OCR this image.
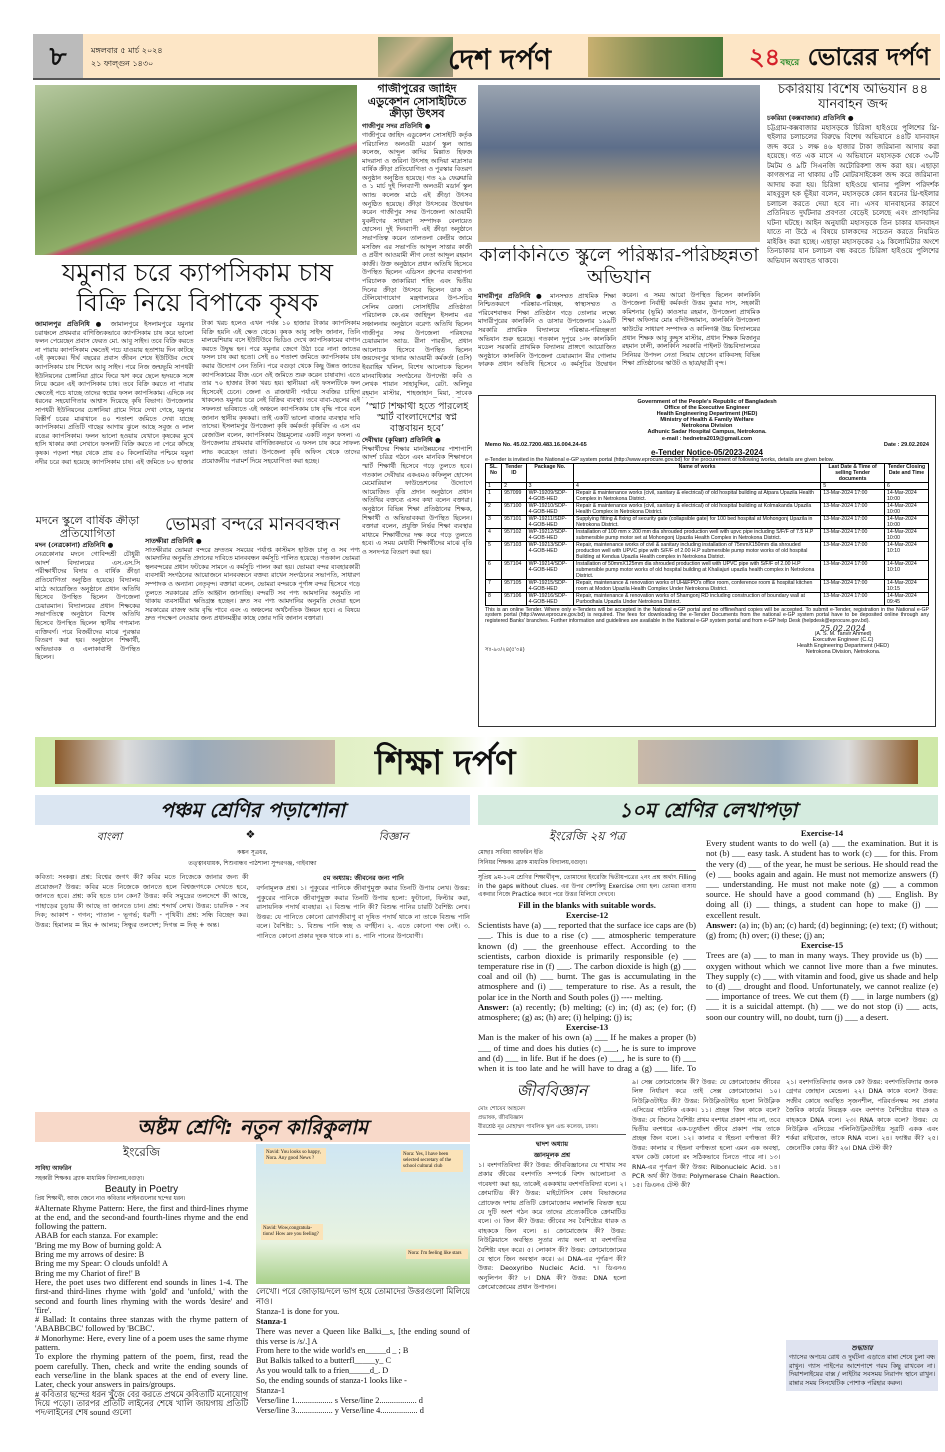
৮	মঙ্গলবার ৫ মার্চ ২০২৪
২১ ফাল্গুন ১৪৩০	দেশ দর্পণ	২৪বছরে ভোরের দর্পণ
গাজীপুরের জাহিদ এডুকেশন সোসাইটিতে ক্রীড়া উৎসব
গাজীপুর সদর প্রতিনিধি ●
গাজীপুরে জাহিদ এডুকেশন সোসাইটি কর্তৃক পরিচালিত অলওয়ী মডার্ন স্কুল অ্যান্ড কলেজ, আব্দুল কাদির মিল্লাত হিফজ মাদরাসা ও জরিনা উৎসাহ আদিয়া মাদ্রাসার বার্ষিক ক্রীড়া প্রতিযোগিতা ও পুরস্কার বিতরণ অনুষ্ঠান অনুষ্ঠিত হয়েছে। গত ২৯ ফেব্রুয়ারি ও ১ মার্চ দুই দিনব্যাপী অলওয়ী মডার্ন স্কুল অ্যান্ড কলেজ মাঠে এই ক্রীড়া উৎসব অনুষ্ঠিত হয়েছে। ক্রীড়া উৎসবের উদ্বোধন করেন গাজীপুর সদর উপজেলা আওয়ামী যুবলীগের সাধারণ সম্পাদক বেলায়েত হোসেন। দুই দিনব্যাপী এই ক্রীড়া অনুষ্ঠানে সভাপতিত্ব করেন তালতলা কেন্দ্রীয় জামে মসজিদ এর সভাপতি আব্দুল সাত্তার কাজী ও প্রবীণ আওয়ামী লীগ নেতা আব্দুল রহমান কাজী। উক্ত অনুষ্ঠানে প্রধান অতিথি হিসেবে উপস্থিত ছিলেন এডিসন গ্রুপের ব্যবস্থাপনা পরিচালক জাকারিয়া শহিদ এবং দ্বিতীয় দিনের ক্রীড়া উৎসবে ছিলেন ডাক ও টেলিযোগাযোগ মন্ত্রণালয়ের উপ-সচিব সেলিম রেজা। সোসাইটির প্রতিষ্ঠাতা পরিচালক কে.এম জাহিদুল ইসলাম এর সঞ্চালনায় অনুষ্ঠানে বরেণ্য অতিথি ছিলেন গাজীপুর সদর উপজেলা পরিষদের চেয়ারম্যান অ্যাড. রীনা পারভীন, প্রধান আলোচক হিসেবে উপস্থিত ছিলেন জয়দেবপুর থানার আওয়ামী কর্মকর্তা (ওসি) ইবরাহিম খলিল, বিশেষ আলোচক ছিলেন মানবাধিকার সংগঠনের উপদেষ্টা কবি ও লেখক শায়ান সাহাবুদ্দিন, রেটা. অলিদুর রহমান মাস্টার, শাহজাহান মিয়া, সাবেক
কালকিনিতে স্কুলে পরিষ্কার-পরিচ্ছন্নতা অভিযান
মাদারীপুর প্রতিনিধি ● মানসম্মত প্রাথমিক শিক্ষা নিশ্চিতকরণে পরিষ্কার-পরিচ্ছন্ন, স্বাস্থ্যসম্মত ও পরিবেশবান্ধব শিক্ষা প্রতিষ্ঠান গড়ে তোলার লক্ষ্যে মাদারীপুরের কালকিনি ও ডাসার উপজেলার ১৯৯টি সরকারি প্রাথমিক বিদ্যালয়ে পরিষ্কার-পরিচ্ছন্নতা অভিযান শুরু হয়েছে। গতকাল দুপুরে ১নং কালকিনি মডেল সরকারি প্রাথমিক বিদ্যালয় প্রাঙ্গণে আয়োজিত অনুষ্ঠানে কালকিনি উপজেলা চেয়ারম্যান মীর গোলাম ফারুক প্রধান অতিথি হিসেবে এ কর্মসূচির উদ্বোধন করেন। এ সময় আরো উপস্থিত ছিলেন কালকিনি উপজেলা নির্বাহী কর্মকর্তা উত্তম কুমার দাস, সহকারী কমিশনার (ভূমি) কাওসার রহমান, উপজেলা প্রাথমিক শিক্ষা অফিসার মোঃ বদিউজ্জামান, কালকিনি উপজেলা স্কাউটের সাধারণ সম্পাদক ও কালিগঞ্জ উচ্চ বিদ্যালয়ের প্রধান শিক্ষক আবু কুদ্দুস মাস্টার, প্রধান শিক্ষক মিজানুর রহমান ঢালী, কালকিনি সরকারি পাইলট উচ্চবিদ্যালয়ের সিনিয়র উপদল নেতা সিয়াম হোসেন রাকিবসহ বিভিন্ন শিক্ষা প্রতিষ্ঠানের স্কাউট ও ছাত্র/ছাত্রী বৃন্দ।
চকরিয়ায় বিশেষ অভিযান ৪৪ যানবাহন জব্দ
চকরিয়া (কক্সবাজার) প্রতিনিধি ●
চট্টগ্রাম-কক্সবাজার মহাসড়কে চিরিঙ্গা হাইওয়ে পুলিশের থ্রি-হুইলার চলাচলের বিরুদ্ধে বিশেষ অভিযানে ৪৪টি যানবাহন জব্দ করে ১ লক্ষ ৪৬ হাজার টাকা জরিমানা আদায় করা হয়েছে। গত এক মাসে এ অভিযানে মহাসড়ক থেকে ৩০টি টমটম ও ৯টি সিএনজি অটোরিকশা জব্দ করা হয়। এছাড়া কাগজপত্র না থাকায় ৫টি মোটরসাইকেল জব্দ করে জরিমানা আদায় করা হয়। চিরিঙ্গা হাইওয়ে থানার পুলিশ পরিদর্শক মাহবুবুল হক ভূঁইয়া বলেন, মহাসড়কে কোন ধরনের থ্রি-হুইলার চলাচল করতে দেয়া হবে না। এসব যানবাহনের কারণে প্রতিনিয়ত দুর্ঘটনার প্রবণতা বেড়েই চলেছে এবং প্রাণহানির ঘটনা ঘটছে। আইন অনুযায়ী মহাসড়কে তিন চাকার যানবাহন যাতে না উঠে এ বিষয়ে চালকদের সচেতন করতে নিয়মিত মাইকিং করা হচ্ছে। এছাড়া মহাসড়কের ২৯ কিলোমিটার অংশে তিনচাকার যান চলাচল বন্ধ করতে চিরিঙ্গা হাইওয়ে পুলিশের অভিযান অব্যাহত থাকবে।
যমুনার চরে ক্যাপসিকাম চাষ বিক্রি নিয়ে বিপাকে কৃষক
জামালপুর প্রতিনিধি ● জামালপুরে ইসলামপুরে যমুনার চরাঞ্চলে প্রথমবার বাণিজ্যিকভাবে ক্যাপসিকাম চাষ করে ভালো ফলন পেয়েছেন প্রবাস ফেরত মো. আবু সাইদ। তবে বিক্রি করতে না পারায় ক্যাপসিকাম ক্ষেতেই পচে যাওয়ায় হতাশায় দিন কাটছে এই কৃষকের। দীর্ঘ বছরের প্রবাস জীবন শেষে ইউটিউব দেখে ক্যাপসিকাম চাষ শিখেন আবু সাইদ। পরে নিজ জন্মভূমি সাপধরী ইউনিয়নের চেঙ্গানিয়া গ্রামে ফিরে ঋণ করে ছেলে হৃদয়কে সঙ্গে নিয়ে করেন এই ক্যাপসিকাম চাষ। তবে বিক্রি করতে না পারায় ক্ষেতেই পচে যাচ্ছে তাদের স্বপ্নের ফসল ক্যাপসিকাম। এদিকে নব ধরনের সহযোগিতার আশ্বাস দিয়েছে কৃষি বিভাগ। উপজেলার সাপধরী ইউনিয়নের চেঙ্গানিয়া গ্রামে গিয়ে দেখা গেছে, যমুনার বিস্তীর্ণ চরের মাঝখানে ৪০ শতাংশ জমিতে দেখা যাচ্ছে ক্যাপসিকাম। প্রতিটি গাছের আগায় ঝুলে আছে সবুজ ও লাল রঙের ক্যাপসিকাম। ফলন ভালো হওয়ায় যেখানে কৃষকের মুখে হাসি থাকার কথা সেখানে ফসলটি বিক্রি করতে না পেরে কাঁদছে কৃষক। পড়লা শহর থেকে প্রায় ৫০ কিলোমিটার পশ্চিমে যমুনা নদীর চরে করা হয়েছে ক্যাপসিকাম চাষ। এই জমিতে ৮০ হাজার টাকা খরচ হলেও এখন পর্যন্ত ১০ হাজার টাকার ক্যাপসিকাম বিক্রি হয়নি এই ক্ষেত থেকে। কৃষক আবু সাইদ জানান, তিনি মালয়েশিয়ায় বসে ইউটিউবে ভিডিও দেখে ক্যাপসিকামের বাগান করতে উদ্বুদ্ধ হন। পরে যমুনার জেগে উঠা চরে নানা জাতের ফসল চাষ করা হতো। সেই ৪০ শতাংশ জমিতে ক্যাপসিকাম চাষ করার উদ্যোগ নেন তিনি। পরে বগুড়া থেকে কিছু উন্নত জাতের ক্যাপসিকামের বীজ এনে ওই জমিতে শুরু করেন চাষাবাদ। এতে তার ৭০ হাজার টাকা খরচ হয়। স্থানীয়রা এই ফসলটিকে ফল হিসেবেই চেনে। জেলা ও রাজধানী পর্যায়ে সবজির চাহিদা থাকলেও যমুনার চরে নেই বিক্রির ব্যবস্থা। তবে বাবা-ছেলের এই সফলতা ভবিষ্যতে এই অঞ্চলে ক্যাপসিকাম চাষ বৃদ্ধি পাবে বলে জানান স্থানীয় কৃষকরা। তাই একটি ভালো বাজার ব্যবস্থার দাবি তাদের। ইসলামপুর উপজেলা কৃষি কর্মকর্তা কৃষিবিদ এ এস এম রেজাউল বলেন, ক্যাপসিকাম উচ্চমূল্যের একটি নতুন ফসল। এ উপজেলায় প্রথমবার বাণিজ্যিকভাবে এ ফসল চাষ করে সাফল্য লাভ করেছেন তারা। উপজেলা কৃষি অফিস থেকে তাদের প্রয়োজনীয় পরামর্শ দিয়ে সহযোগিতা করা হচ্ছে।
‘স্মার্ট শিক্ষার্থী হতে পারলেই স্মার্ট বাংলাদেশের স্বপ্ন বাস্তবায়ন হবে’
দেবীদ্বার (কুমিল্লা) প্রতিনিধি ●
শিক্ষার্থীদের শিক্ষার মানউন্নয়নের পাশাপাশি আদর্শ চরিত্র গঠনে এবং মানবিক শিক্ষাদানে স্মার্ট শিক্ষার্থী হিসেবে গড়ে তুলতে হবে। গতকাল দেবীদ্বার একএমএ কফিলুল হোসেন মেমোরিয়াল ফাউন্ডেশনের উদ্যোগে আয়োজিত বৃত্তি প্রদান অনুষ্ঠানে প্রধান অতিথির বক্তব্যে এসব কথা বলেন বক্তারা। অনুষ্ঠানে বিভিন্ন শিক্ষা প্রতিষ্ঠানের শিক্ষক, শিক্ষার্থী ও অভিভাবকরা উপস্থিত ছিলেন। বক্তারা বলেন, প্রযুক্তি নির্ভর শিক্ষা ব্যবস্থার মাধ্যমে শিক্ষার্থীদের দক্ষ করে গড়ে তুলতে হবে। এ সময় মেধাবী শিক্ষার্থীদের মাঝে বৃত্তি ও সনদপত্র বিতরণ করা হয়।
মদনে স্কুলে বার্ষিক ক্রীড়া প্রতিযোগিতা
মদন (নেত্রকোনা) প্রতিনিধি ●
নেত্রকোনার মদনে গোবিন্দশ্রী চৌধুরী আদর্শ বিদ্যালয়ের এস.এস.সি পরীক্ষার্থীদের বিদায় ও বার্ষিক ক্রীড়া প্রতিযোগিতা অনুষ্ঠিত হয়েছে। বিদ্যালয় মাঠে আয়োজিত অনুষ্ঠানে প্রধান অতিথি হিসেবে উপস্থিত ছিলেন উপজেলা চেয়ারম্যান। বিদ্যালয়ের প্রধান শিক্ষকের সভাপতিত্বে অনুষ্ঠানে বিশেষ অতিথি হিসেবে উপস্থিত ছিলেন স্থানীয় গণ্যমান্য ব্যক্তিবর্গ। পরে বিজয়ীদের মাঝে পুরস্কার বিতরণ করা হয়। অনুষ্ঠানে শিক্ষার্থী, অভিভাবক ও এলাকাবাসী উপস্থিত ছিলেন।
ভোমরা বন্দরে মানববন্ধন
সাতক্ষীরা প্রতিনিধি ●
সাতক্ষীরার ভোমরা বন্দরে দ্রুততম সময়ের পর্যাপ্ত কাস্টমস হাউজ চালু ও সব পণ্য আমদানির অনুমতি প্রদানের দাবিতে মানববন্ধন কর্মসূচি পালিত হয়েছে। গতকাল ভোমরা স্থলবন্দরের প্রধান ফটকের সামনে এ কর্মসূচি পালন করা হয়। ভোমরা বন্দর ব্যবহারকারী ব্যবসায়ী সংগঠনের আয়োজনে মানববন্ধনে বক্তব্য রাখেন সংগঠনের সভাপতি, সাধারণ সম্পাদক ও অন্যান্য নেতৃবৃন্দ। বক্তারা বলেন, ভোমরা বন্দরকে পূর্ণাঙ্গ বন্দর হিসেবে গড়ে তুলতে সরকারের প্রতি আহ্বান জানাচ্ছি। বন্দরটি সব পণ্য আমদানির অনুমতি না থাকায় ব্যবসায়ীরা ক্ষতিগ্রস্ত হচ্ছেন। দ্রুত সব পণ্য আমদানির অনুমতি দেওয়া হলে সরকারের রাজস্ব আয় বৃদ্ধি পাবে এবং এ অঞ্চলের অর্থনৈতিক উন্নয়ন হবে। এ বিষয়ে দ্রুত পদক্ষেপ নেওয়ার জন্য প্রধানমন্ত্রীর কাছে জোর দাবি জানান বক্তারা।
Government of the People's Republic of Bangladesh
Office of the Executive Engineer
Health Engineering Department (HED)
Ministry of Health & Family Welfare
Netrokona Division
Adhunic Sadar Hospital Campus, Netrokona.
e-mail : hednetra2019@gmail.com
Memo No. 45.02.7200.483.16.004.24-65	Date : 29.02.2024
e-Tender Notice-05/2023-2024
e-Tender is invited in the National e-GP system portal (http://www.eprocure.gov.bd) for the procurement of following works, details are given below.
SL. No	Tender ID	Package No.	Name of works	Last Date & Time of selling Tender documents	Tender Closing Date and Time
1	2	3	4	5	6
1	957099	WP-19209/SDP-4-GOB-HED	Repair & maintenance works (civil, sanitary & electrical) of old hospital building at Atpara Upazila Health Complex in Netrokona District.	13-Mar-2024 17:00	14-Mar-2024 10:00
2	957100	WP-19210/SDP-4-GOB-HED	Repair & maintenance works (civil, sanitary & electrical) of old hospital building at Kolmakanda Upazila Health Complex in Netrokona District.	13-Mar-2024 17:00	14-Mar-2024 10:00
3	957101	WP-19211/SDP-4-GOB-HED	Supplying fitting & fixing of security gate (collapsible gate) for 100 bed hospital at Mohongonj Upazila in Netrokona District.	13-Mar-2024 17:00	14-Mar-2024 10:00
4	957102	WP-19212/SDP-4-GOB-HED	Installation of 100 mm x 200 mm dia shrouded production well with upvc pipe including S/F/F of 7.5 H.P submersible pump motor set at Mohongonj Upazila Health Complex in Netrokona District.	13-Mar-2024 17:00	14-Mar-2024 10:00
5	957103	WP-19213/SDP-4-GOB-HED	Repair, maintenance works of civil & sanitary including installation of 75mmX150mm dia shrouded production well with UPVC pipe with S/F/F of 2.00 H.P submersible pump motor works of old hospital Building at Kendua Upazila Health complex in Netrokona District.	13-Mar-2024 17:00	14-Mar-2024 10:10
6	957104	WP-19214/SDP-4-GOB-HED	Installation of 50mmX125mm dia shrouded production well with UPVC pipe with S/F/F of 2.00 H.P submersible pump motor works of old hospital building at Khaliajuri upazila health complex in Netrokona District.	13-Mar-2024 17:00	14-Mar-2024 10:10
7	957105	WP-19215/SDP-4-GOB-HED	Repair, maintenance & renovation works of UH&FPO's office room, conference room & hospital kitchen room at Modon Upazila Health Complex Under Netrokona District.	13-Mar-2024 17:00	14-Mar-2024 10:15
8	957106	WP-19216/SDP-4-GOB-HED	Repair, maintenance & renovation works of Shamgonj RD including construction of boundary wall at Purbodhala Upazila Under Netrokona District.	13-Mar-2024 17:00	14-Mar-2024 09:45
This is an online Tender. Where only e-Tenders will be accepted in the National e-GP portal and no offline/hard copies will be accepted. To submit e-Tender, registration in the National e-GP system portal (http://www.eprocure.gov.bd) is required. The fees for downloading the e-Tender Documents from the national e-GP system portal have to be deposited online through any registered Banks' branches. Further information and guidelines are available in the National e-GP system portal and from e-GP help Desk (helpdesk@eprocure.gov.bd).
সঃ-৯০/২৪(৫'৩৪)
25.02.2024
(A. S. M. Tanvir Ahmed)
Executive Engineer (C.C)
Health Engineering Department (HED)
Netrokona Division, Netrokona.
শিক্ষা দর্পণ
পঞ্চম শ্রেণির পড়াশোনা
বাংলা	❖	বিজ্ঞান
কঙ্কন সূত্রধর,
তত্ত্বাবধায়ক, শিশুবান্ধব পাঠশালা সুন্দরগঞ্জ, গাইবান্ধা
কবিতা: সংকল্প। প্রশ্ন: বিশ্বের জগৎ কী? কবির মতে নিজেকে জানার জন্য কী প্রয়োজন? উত্তর: কবির মতে নিজেকে জানতে হলে বিশ্বজগৎকে দেখতে হবে, জানতে হবে। প্রশ্ন: কবি হতে চান কেন? উত্তর: কবি সমুদ্রের তলদেশে কী আছে, পাহাড়ের চূড়ায় কী আছে তা জানতে চান। প্রশ্ন: শব্দার্থ লেখ। উত্তর: চারদিক - সব দিক; আকাশ - গগন; পাতাল - ভূগর্ভ; ধরণী - পৃথিবী। প্রশ্ন: সন্ধি বিচ্ছেদ কর। উত্তর: হিমালয় = হিম + আলয়; সিন্ধুর তলদেশ; দিগন্ত = দিক্ + অন্ত।
৫ম অধ্যায়: জীবনের জন্য পানি
বর্ণনামূলক প্রশ্ন। ১। পুকুরের পানিকে জীবাণুমুক্ত করার তিনটি উপায় লেখ। উত্তর: পুকুরের পানিকে জীবাণুমুক্ত করার তিনটি উপায় হলো: ফুটানো, ফিল্টার করা, রাসায়নিক পদার্থ ব্যবহার। ২। বিশুদ্ধ পানি কী? বিশুদ্ধ পানির চারটি বৈশিষ্ট্য লেখ। উত্তর: যে পানিতে কোনো রোগজীবাণু বা দূষিত পদার্থ থাকে না তাকে বিশুদ্ধ পানি বলে। বৈশিষ্ট্য: ১. বিশুদ্ধ পানি স্বচ্ছ ও বর্ণহীন। ২. এতে কোনো গন্ধ নেই। ৩. পানিতে কোনো প্রকার দূষক থাকে না। ৪. পানি পানের উপযোগী।
১০ম শ্রেণির লেখাপড়া
ইংরেজি ২য় পত্র
মোছাঃ সাবিয়া আফরিন ইতি
সিনিয়র শিক্ষকঃ ব্র্যাক মাধ্যমিক বিদ্যালয়,বগুড়া।
সুপ্রিয় ৯ম-১০ম শ্রেণির শিক্ষার্থীবৃন্দ, তোমাদের ইংরেজি দ্বিতীয়পত্রের ২নং প্রশ্ন অর্থাৎ Filling in the gaps without clues. এর উপর কেশকিছু Exercise দেয়া হল। তোমরা বাসায় একবার নিজে Practice করবে পরে উত্তর মিলিয়ে দেখবে।
Fill in the blanks with suitable words.
Exercise-12
Scientists have (a) ___ reported that the surface ice caps are (b) ___. This is due to a rise (c) ___ atmospheric temperature known (d) ___ the greenhouse effect. According to the scientists, carbon dioxide is primarily responsible (e) ___ temperature rise in (f) ___. The carbon dioxide is high (g) ___ coal and oil (h) ___ burnt. The gas is accumulating in the atmosphere and (i) ___ temperature to rise. As a result, the polar ice in the North and South poles (j) ---- melting.
Answer: (a) recently; (b) melting; (c) in; (d) as; (e) for; (f) atmosphere; (g) as; (h) are; (i) helping; (j) is;
Exercise-13
Man is the maker of his own (a) ___ If he makes a proper (b) ___ of time and does his duties (c) ___, he is sure to improve and (d) ___ in life. But if he does (e) ___, he is sure to (f) ___ when it is too late and he will have to drag a (g) ___ life. To
Exercise-14
Every student wants to do well (a) ___ the examination. But it is not (b) ___ easy task. A student has to work (c) ___ for this. From the very (d) ___ of the year, he must be serious. He should read the (e) ___ books again and again. He must not memorize answers (f) ___ understanding. He must not make note (g) ___ a common source. He should have a good command (h) ___ English. By doing all (i) ___ things, a student can hope to make (j) ___ excellent result.
Answer: (a) in; (b) an; (c) hard; (d) beginning; (e) text; (f) without; (g) from; (h) over; (i) these; (j) an;
Exercise-15
Trees are (a) ___ to man in many ways. They provide us (b) ___ oxygen without which we cannot live more than a fwe minutes. They supply (c) ___ with vitamin and food, give us shade and help to (d) ___ drought and flood. Unfortunately, we cannot realize (e) ___ importance of trees. We cut them (f) ___ in large numbers (g) ___ it is a suicidal attempt. (h) ___ we do not stop (i) ___ acts, soon our country will, no doubt, turn (j) ___ a desert.
অষ্টম শ্রেণি: নতুন কারিকুলাম
ইংরেজি
সাবিহা আফরিন
সহকারী শিক্ষকঃ ব্র্যাক মাধ্যমিক বিদ্যালয়,বগুড়া।
Beauty in Poetry
প্রিয় শিক্ষার্থী, আজ জেনে নাও কবিতার লাইনগুলোর ছন্দের ধরন।
#Alternate Rhyme Pattern: Here, the first and third-lines rhyme at the end, and the second-and fourth-lines rhyme and the end following the pattern.
ABAB for each stanza. For example:
'Bring me my Bow of burning gold: A
Bring me my arrows of desire: B
Bring me my Spear: O clouds unfold! A
Bring me my Chariot of fire!' B
Here, the poet uses two different end sounds in lines 1-4. The first-and third-lines rhyme with 'gold' and 'unfold,' with the second and fourth lines rhyming with the words 'desire' and 'fire'.
# Ballad: It contains three stanzas with the rhyme pattern of 'ABABBCBC' followed by 'BCBC'.
# Monorhyme: Here, every line of a poem uses the same rhyme pattern.
To explore the rhyming pattern of the poem, first, read the poem carefully. Then, check and write the ending sounds of each verse/line in the blank spaces at the end of every line. Later, check your answers in pairs/groups.
# কবিতার ছন্দের ধরন খুঁজে বের করতে প্রথমে কবিতাটি মনোযোগ দিয়ে পড়ো। তারপর প্রতিটি লাইনের শেষে খালি জায়গায় প্রতিটি পদ/লাইনের শেষ sound গুলো
Navid: You looks so happy, Nora. Any good News ?
Nora: Yes, I have been selected secretary of the school cultural club
Navid: Wow,congratula-tions! How are you feeling?
Nora: I'm feeling like stars
লেখো। পরে জোড়ায়/দলে ভাগ হয়ে তোমাদের উত্তরগুলো মিলিয়ে নাও।
Stanza-1 is done for you.
Stanza-1
There was never a Queen like Balki__s, [the ending sound of this verse is /s/.] A
From here to the wide world's en_____d _ ; B
But Balkis talked to a butterfl_____y_ C
As you would talk to a frien_____d_. D
So, the ending sounds of stanza-1 looks like -
Stanza-1
Verse/line 1.................. s Verse/line 2.................. d
Verse/line 3.................. y Verse/line 4.................. d
জীববিজ্ঞান
মোঃ শোয়েব আহমেদ
প্রভাষক, জীববিজ্ঞান
বীরশ্রেষ্ঠ নূর মোহাম্মদ পাবলিক স্কুল এন্ড কলেজ, ঢাকা।
দ্বাদশ অধ্যায়
জ্ঞানমূলক প্রশ্ন
১। বংশগতিবিদ্যা কী? উত্তর: জীববিজ্ঞানের যে শাখায় সব প্রকার জীবের বংশগতি সম্পর্কে বিশদ আলোচনা ও গবেষণা করা হয়, তাকেই এককথায় বংশগতিবিদ্যা বলে। ২। ক্রোমাটিড কী? উত্তর: মাইটোসিস কোষ বিভাজনের প্রোফেজ দশায় প্রতিটি ক্রোমোজোম লম্বালম্বি বিভক্ত হয়ে যে দুটি অংশ গঠন করে তাদের প্রত্যেকটিকে ক্রোমাটিড বলে। ৩। জিন কী? উত্তর: জীবের সব বৈশিষ্ট্যের ধারক ও বাহককে জিন বলে। ৪। ক্রোমোজোম কী? উত্তর: নিউক্লিয়াসে অবস্থিত সুতার ন্যায় অংশ যা বংশগতির বৈশিষ্ট্য বহন করে। ৫। লোকাস কী? উত্তর: ক্রোমোজোমের যে স্থানে জিন অবস্থান করে। ৬। DNA-এর পূর্ণরূপ কী? উত্তর: Deoxyribo Nucleic Acid. ৭। ডিএনএ অনুলিপন কী? ৮। DNA কী? উত্তর: DNA হলো ক্রোমোজোমের প্রধান উপাদান।
৯। সেক্স ক্রোমোজোম কী? উত্তর: যে ক্রোমোজোম জীবের লিঙ্গ নির্ধারণ করে তাই সেক্স ক্রোমোজোম। ১০। নিউক্লিওটাইড কী? উত্তর: নিউক্লিওটাইড হলো নিউক্লিক এসিডের গাঠনিক একক। ১১। প্রচ্ছন্ন জিন কাকে বলে? উত্তর: যে জিনের বৈশিষ্ট্য প্রথম বংশধর প্রকাশ পায় না, তবে দ্বিতীয় বংশধরে এক-চতুর্থাংশ জীবে প্রকাশ পায় তাকে প্রচ্ছন্ন জিন বলে। ১২। কালার ব-াইন্ডনা বর্ণান্ধতা কী? উত্তর: কালার ব-াইন্ডনা বর্ণান্ধতা হলো এমন এক অবস্থা, যখন কেউ কোনো রং সঠিকভাবে চিনতে পারে না। ১৩। RNA-এর পূর্ণরূপ কী? উত্তর: Ribonucleic Acid. ১৪। PCR অর্থ কী? উত্তর: Polymerase Chain Reaction. ১৫। ডিএনএ টেস্ট কী?
২১। বংশগতিবিদ্যার জনক কে? উত্তর: বংশগতিবিদ্যার জনক গ্রেগর জোহান মেন্ডেল। ২২। DNA কাকে বলে? উত্তর: সজীব কোষে অবস্থিত সৃজনশীল, পরিবর্তনক্ষম সব প্রকার জৈবিক কার্যের নিয়ন্ত্রক এবং বংশগত বৈশিষ্ট্যের ধারক ও বাহককে DNA বলে। ২৩। RNA কাকে বলে? উত্তর: যে নিউক্লিক এসিডের পলিনিউক্লিওটাইড সূত্রটি একক এবং শর্করা রাইবোজ, তাকে RNA বলে। ২৪। ফ্যাক্টর কী? ২৫। জেনেটিক কোড কী? ২৬। DNA টেস্ট কী?
শুদ্ধাচার
গ্যাসের অপচয় রোধ ও দুর্ঘটনা এড়াতে রান্না শেষে চুলা বন্ধ রাখুন। গ্যাস পাইপের আশেপাশে গরম কিছু রাখবেন না। দিয়াশলাইয়ের বাক্স / লাইটার সবসময় নিরাপদ স্থানে রাখুন। রান্নার সময় সিনথেটিক পোশাক পরিহার করুন।
